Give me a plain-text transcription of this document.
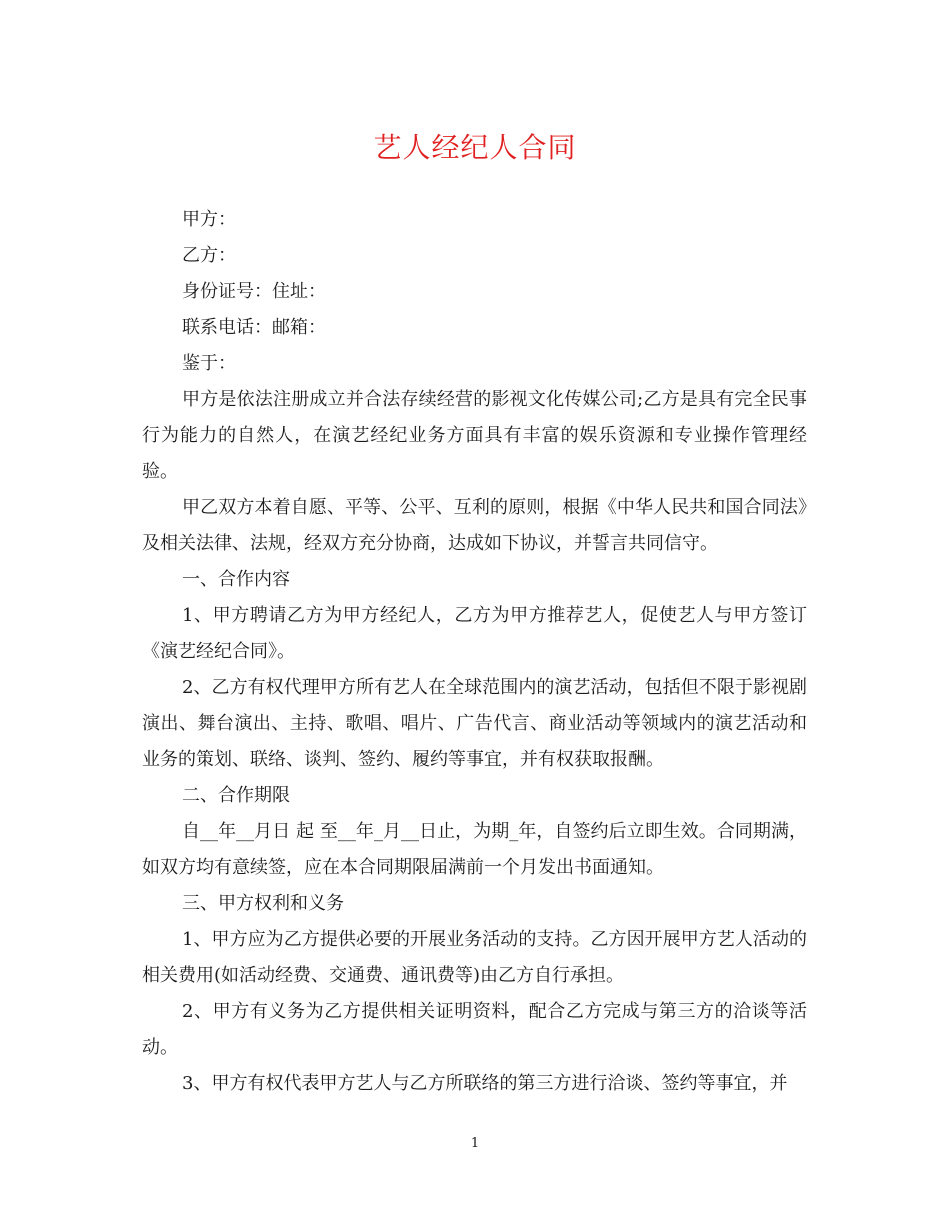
艺人经纪人合同

甲方：

乙方：

身份证号：住址：

联系电话：邮箱：

鉴于：

甲方是依法注册成立并合法存续经营的影视文化传媒公司;乙方是具有完全民事行为能力的自然人，在演艺经纪业务方面具有丰富的娱乐资源和专业操作管理经验。

甲乙双方本着自愿、平等、公平、互利的原则，根据《中华人民共和国合同法》及相关法律、法规，经双方充分协商，达成如下协议，并誓言共同信守。

一、合作内容

1、甲方聘请乙方为甲方经纪人，乙方为甲方推荐艺人，促使艺人与甲方签订《演艺经纪合同》。

2、乙方有权代理甲方所有艺人在全球范围内的演艺活动，包括但不限于影视剧演出、舞台演出、主持、歌唱、唱片、广告代言、商业活动等领域内的演艺活动和业务的策划、联络、谈判、签约、履约等事宜，并有权获取报酬。

二、合作期限

自__年__月日 起 至__年_月__日止，为期_年，自签约后立即生效。合同期满，如双方均有意续签，应在本合同期限届满前一个月发出书面通知。

三、甲方权利和义务

1、甲方应为乙方提供必要的开展业务活动的支持。乙方因开展甲方艺人活动的相关费用(如活动经费、交通费、通讯费等)由乙方自行承担。

2、甲方有义务为乙方提供相关证明资料，配合乙方完成与第三方的洽谈等活动。

3、甲方有权代表甲方艺人与乙方所联络的第三方进行洽谈、签约等事宜，并

1
